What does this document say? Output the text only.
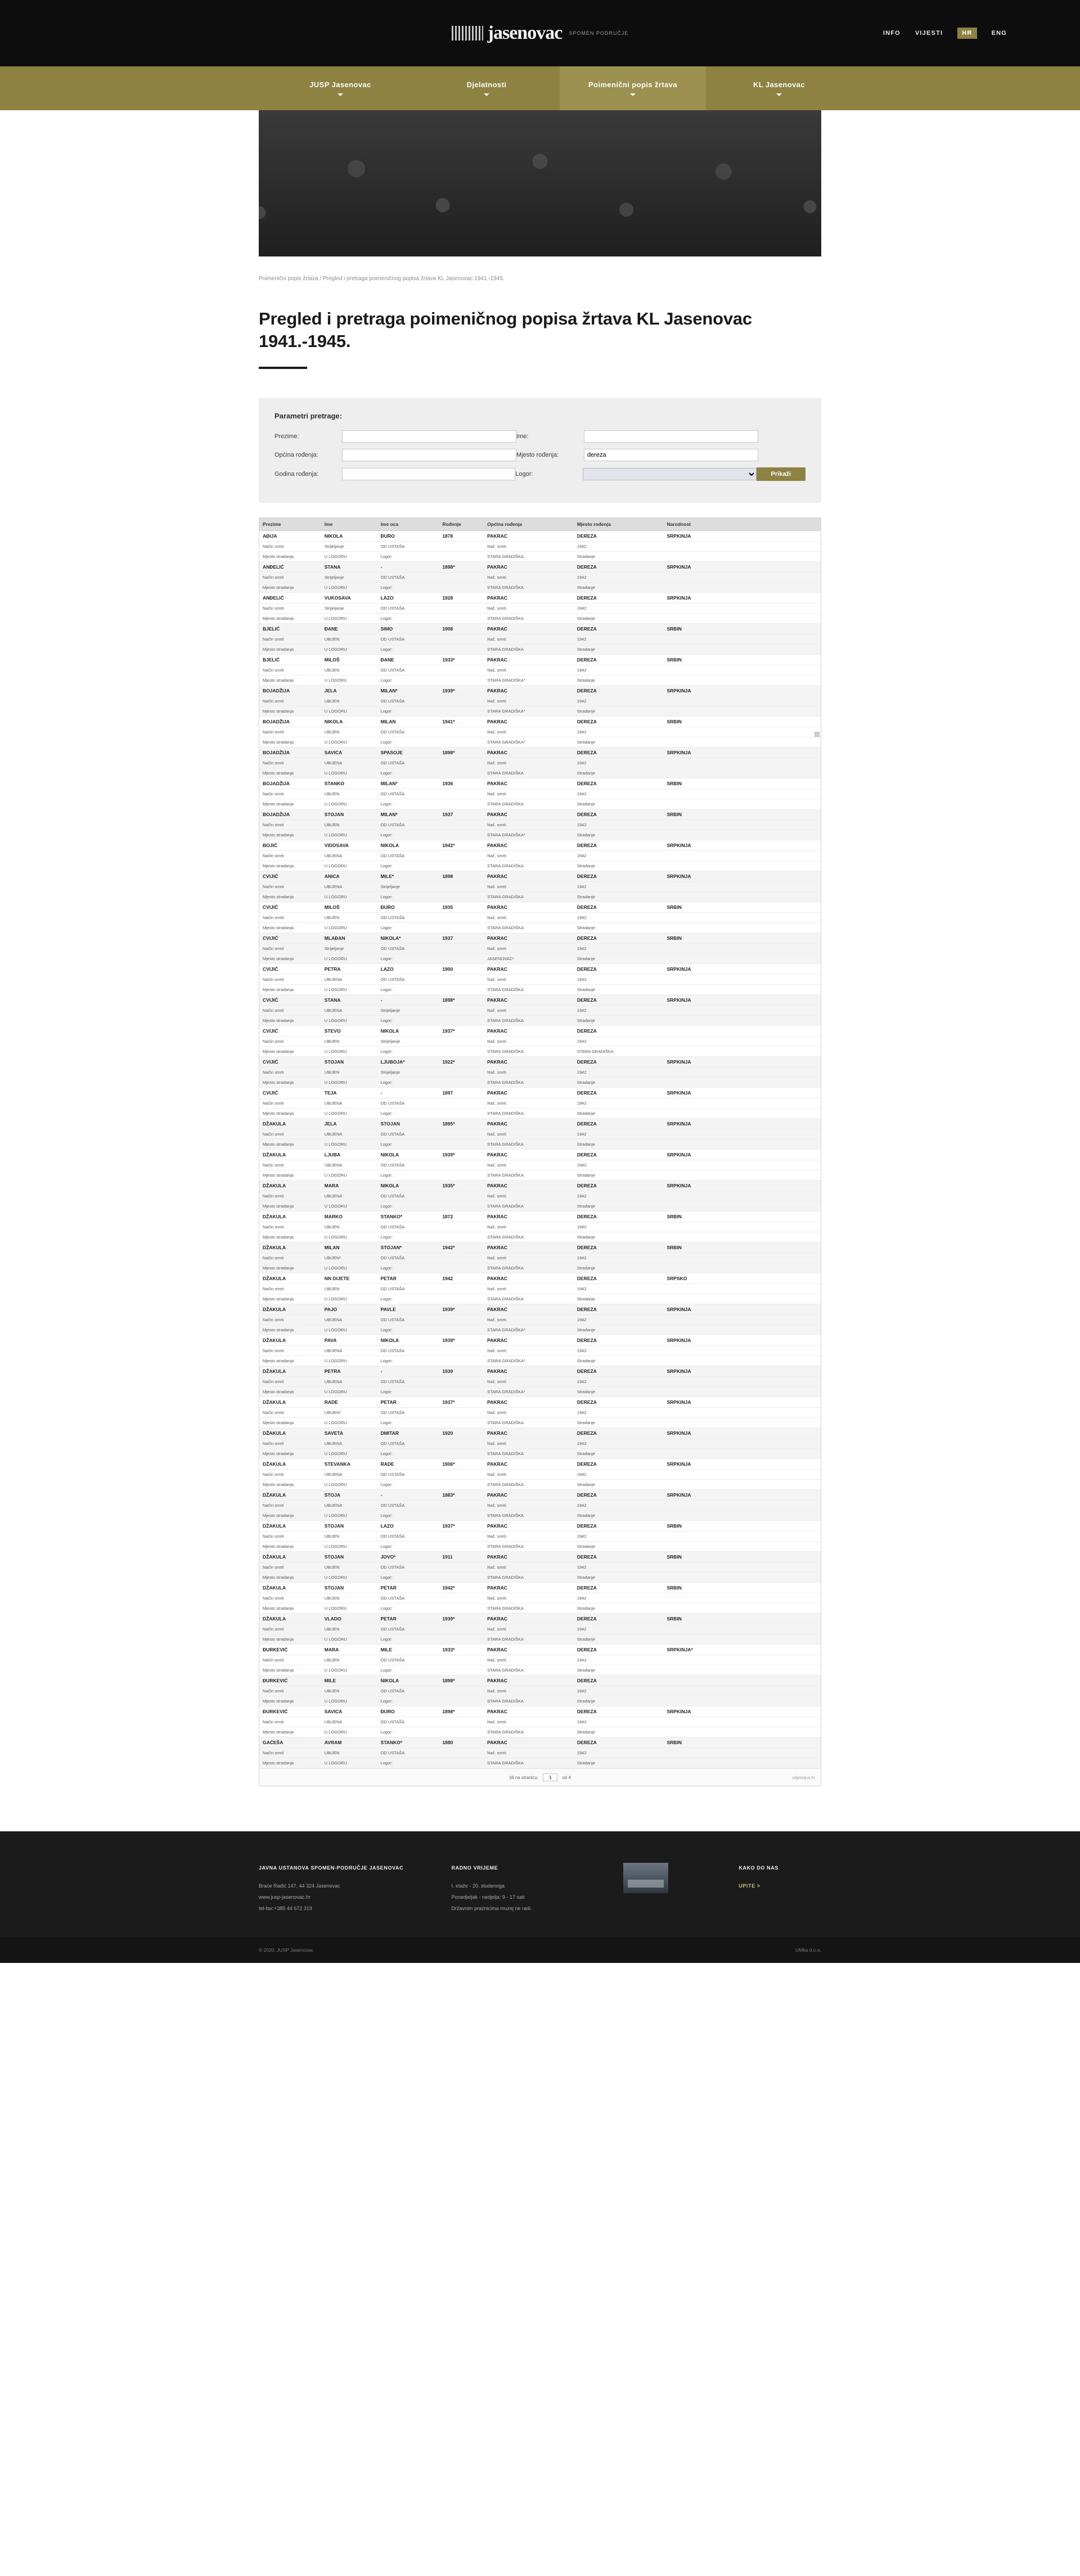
jasenovac SPOMEN PODRUČJE	INFO VIJESTI	HR	ENG
JUSP Jasenovac	Djelatnosti	Poimenični popis žrtava	KL Jasenovac
Poimenični popis žrtava / Pregled i pretraga poimeničnog popisa žrtava KL Jasenovac 1941.-1945.
Pregled i pretraga poimeničnog popisa žrtava KL Jasenovac 1941.-1945.
Parametri pretrage:
Prezime:	Ime:
Općina rođenja:	Mjesto rođenja:
dereza
Godina rođenja:	Logor:	Prikaži
Prezime	Ime	Ime oca	Rođenje	Općina rođenja	Mjesto rođenja	Narodnost	
AĐIJA	NIKOLA	ĐURO	1878	PAKRAC	DEREZA	SRPKINJA	
Način smrti	Strijeljanje	OD USTAŠA		Nač. smrti	1942		
Mjesto stradanja	U LOGORU	Logor:		STARA GRADIŠKA	Stradanje		
ANĐELIĆ	STANA	-	1898*	PAKRAC	DEREZA	SRPKINJA	
Način smrti	Strijeljanje	OD USTAŠA		Nač. smrti	1942		
Mjesto stradanja	U LOGORU	Logor:		STARA GRADIŠKA	Stradanje		
ANĐELIĆ	VUKOSAVA	LAZO	1928	PAKRAC	DEREZA	SRPKINJA	
Način smrti	Strijeljanje	OD USTAŠA		Nač. smrti	1942		
Mjesto stradanja	U LOGORU	Logor:		STARA GRADIŠKA	Stradanje		
BJELIĆ	ĐANE	SIMO	1908	PAKRAC	DEREZA	SRBIN	
Način smrti	UBIJEN	OD USTAŠA		Nač. smrti	1942		
Mjesto stradanja	U LOGORU	Logor:		STARA GRADIŠKA	Stradanje		
BJELIĆ	MILOŠ	ĐANE	1933*	PAKRAC	DEREZA	SRBIN	
Način smrti	UBIJEN	OD USTAŠA		Nač. smrti	1942		
Mjesto stradanja	U LOGORU	Logor:		STARA GRADIŠKA*	Stradanje		
BOJADŽIJA	JELA	MILAN*	1939*	PAKRAC	DEREZA	SRPKINJA	
Način smrti	UBIJEN	OD USTAŠA		Nač. smrti	1942		
Mjesto stradanja	U LOGORU	Logor:		STARA GRADIŠKA*	Stradanje		
BOJADŽIJA	NIKOLA	MILAN	1941*	PAKRAC	DEREZA	SRBIN	
Način smrti	UBIJEN	OD USTAŠA		Nač. smrti	1942		
Mjesto stradanja	U LOGORU	Logor:		STARA GRADIŠKA*	Stradanje		
BOJADŽIJA	SAVICA	SPASOJE	1898*	PAKRAC	DEREZA	SRPKINJA	
Način smrti	UBIJENA	OD USTAŠA		Nač. smrti	1942		
Mjesto stradanja	U LOGORU	Logor:		STARA GRADIŠKA	Stradanje		
BOJADŽIJA	STANKO	MILAN*	1936	PAKRAC	DEREZA	SRBIN	
Način smrti	UBIJEN	OD USTAŠA		Nač. smrti	1942		
Mjesto stradanja	U LOGORU	Logor:		STARA GRADIŠKA	Stradanje		
BOJADŽIJA	STOJAN	MILAN*	1937	PAKRAC	DEREZA	SRBIN	
Način smrti	UBIJEN	OD USTAŠA		Nač. smrti	1942		
Mjesto stradanja	U LOGORU	Logor:		STARA GRADIŠKA*	Stradanje		
BOJIĆ	VIDOSAVA	NIKOLA	1942*	PAKRAC	DEREZA	SRPKINJA	
Način smrti	UBIJENA	OD USTAŠA		Nač. smrti	1942		
Mjesto stradanja	U LOGORU	Logor:		STARA GRADIŠKA	Stradanje		
CVIJIĆ	ANICA	MILE*	1898	PAKRAC	DEREZA	SRPKINJA	
Način smrti	UBIJENA	Strijeljanje		Nač. smrti	1942		
Mjesto stradanja	U LOGORU	Logor:		STARA GRADIŠKA	Stradanje		
CVIJIĆ	MILOŠ	ĐURO	1935	PAKRAC	DEREZA	SRBIN	
Način smrti	UBIJEN	OD USTAŠA		Nač. smrti	1942		
Mjesto stradanja	U LOGORU	Logor:		STARA GRADIŠKA	Stradanje		
CVIJIĆ	MLAĐAN	NIKOLA*	1937	PAKRAC	DEREZA	SRBIN	
Način smrti	Strijeljanje	OD USTAŠA		Nač. smrti	1942		
Mjesto stradanja	U LOGORU	Logor:		JASENOVAC*	Stradanje		
CVIJIĆ	PETRA	LAZO	1900	PAKRAC	DEREZA	SRPKINJA	
Način smrti	UBIJENA	OD USTAŠA		Nač. smrti	1942		
Mjesto stradanja	U LOGORU	Logor:		STARA GRADIŠKA	Stradanje		
CVIJIĆ	STANA	-	1898*	PAKRAC	DEREZA	SRPKINJA	
Način smrti	UBIJENA	Strijeljanje		Nač. smrti	1942		
Mjesto stradanja	U LOGORU	Logor:		STARA GRADIŠKA	Stradanje		
CVIJIĆ	STEVO	NIKOLA	1937*	PAKRAC	DEREZA		
Način smrti	UBIJEN	Strijeljanje		Nač. smrti	1942		
Mjesto stradanja	U LOGORU	Logor:		STARA GRADIŠKA	STARA GRADIŠKA		
CVIJIĆ	STOJAN	LJUBOJA*	1922*	PAKRAC	DEREZA	SRPKINJA	
Način smrti	UBIJEN	Strijeljanje		Nač. smrti	1942		
Mjesto stradanja	U LOGORU	Logor:		STARA GRADIŠKA	Stradanje		
CVIJIĆ	TEJA	-	1897	PAKRAC	DEREZA	SRPKINJA	
Način smrti	UBIJENA	OD USTAŠA		Nač. smrti	1942		
Mjesto stradanja	U LOGORU	Logor:		STARA GRADIŠKA	Stradanje		
DŽAKULA	JELA	STOJAN	1895*	PAKRAC	DEREZA	SRPKINJA	
Način smrti	UBIJENA	OD USTAŠA		Nač. smrti	1942		
Mjesto stradanja	U LOGORU	Logor:		STARA GRADIŠKA	Stradanje		
DŽAKULA	LJUBA	NIKOLA	1939*	PAKRAC	DEREZA	SRPKINJA	
Način smrti	UBIJENA	OD USTAŠA		Nač. smrti	1942		
Mjesto stradanja	U LOGORU	Logor:		STARA GRADIŠKA	Stradanje		
DŽAKULA	MARA	NIKOLA	1935*	PAKRAC	DEREZA	SRPKINJA	
Način smrti	UBIJENA	OD USTAŠA		Nač. smrti	1942		
Mjesto stradanja	U LOGORU	Logor:		STARA GRADIŠKA	Stradanje		
DŽAKULA	MARKO	STANKO*	1872	PAKRAC	DEREZA	SRBIN	
Način smrti	UBIJEN	OD USTAŠA		Nač. smrti	1942		
Mjesto stradanja	U LOGORU	Logor:		STARA GRADIŠKA	Stradanje		
DŽAKULA	MILAN	STOJAN*	1942*	PAKRAC	DEREZA	SRBIN	
Način smrti	UBIJEN*	OD USTAŠA		Nač. smrti	1942		
Mjesto stradanja	U LOGORU	Logor:		STARA GRADIŠKA	Stradanje		
DŽAKULA	NN DIJETE	PETAR	1942	PAKRAC	DEREZA	SRPSKO	
Način smrti	UBIJEN	OD USTAŠA		Nač. smrti	1942		
Mjesto stradanja	U LOGORU	Logor:		STARA GRADIŠKA	Stradanje		
DŽAKULA	PAJO	PAVLE	1939*	PAKRAC	DEREZA	SRPKINJA	
Način smrti	UBIJENA	OD USTAŠA		Nač. smrti	1942		
Mjesto stradanja	U LOGORU	Logor:		STARA GRADIŠKA*	Stradanje		
DŽAKULA	PAVA	NIKOLA	1939*	PAKRAC	DEREZA	SRPKINJA	
Način smrti	UBIJENA	OD USTAŠA		Nač. smrti	1942		
Mjesto stradanja	U LOGORU	Logor:		STARA GRADIŠKA*	Stradanje		
DŽAKULA	PETRA	-	1939	PAKRAC	DEREZA	SRPKINJA	
Način smrti	UBIJENA	OD USTAŠA		Nač. smrti	1942		
Mjesto stradanja	U LOGORU	Logor:		STARA GRADIŠKA*	Stradanje		
DŽAKULA	RADE	PETAR	1937*	PAKRAC	DEREZA	SRPKINJA	
Način smrti	UBIJEN*	OD USTAŠA		Nač. smrti	1942		
Mjesto stradanja	U LOGORU	Logor:		STARA GRADIŠKA	Stradanje		
DŽAKULA	SAVETA	DMITAR	1920	PAKRAC	DEREZA	SRPKINJA	
Način smrti	UBIJENA	OD USTAŠA		Nač. smrti	1942		
Mjesto stradanja	U LOGORU	Logor:		STARA GRADIŠKA	Stradanje		
DŽAKULA	STEVANKA	RADE	1906*	PAKRAC	DEREZA	SRPKINJA	
Način smrti	UBIJENA	OD USTAŠA		Nač. smrti	1942		
Mjesto stradanja	U LOGORU	Logor:		STARA GRADIŠKA	Stradanje		
DŽAKULA	STOJA	-	1883*	PAKRAC	DEREZA	SRPKINJA	
Način smrti	UBIJENA	OD USTAŠA		Nač. smrti	1942		
Mjesto stradanja	U LOGORU	Logor:		STARA GRADIŠKA	Stradanje		
DŽAKULA	STOJAN	LAZO	1937*	PAKRAC	DEREZA	SRBIN	
Način smrti	UBIJEN	OD USTAŠA		Nač. smrti	1942		
Mjesto stradanja	U LOGORU	Logor:		STARA GRADIŠKA	Stradanje		
DŽAKULA	STOJAN	JOVO*	1911	PAKRAC	DEREZA	SRBIN	
Način smrti	UBIJEN	OD USTAŠA		Nač. smrti	1942		
Mjesto stradanja	U LOGORU	Logor:		STARA GRADIŠKA	Stradanje		
DŽAKULA	STOJAN	PETAR	1942*	PAKRAC	DEREZA	SRBIN	
Način smrti	UBIJEN	OD USTAŠA		Nač. smrti	1942		
Mjesto stradanja	U LOGORU	Logor:		STARA GRADIŠKA	Stradanje		
DŽAKULA	VLADO	PETAR	1939*	PAKRAC	DEREZA	SRBIN	
Način smrti	UBIJEN	OD USTAŠA		Nač. smrti	1942		
Mjesto stradanja	U LOGORU	Logor:		STARA GRADIŠKA	Stradanje		
ĐURKEVIĆ	MARA	MILE	1933*	PAKRAC	DEREZA	SRPKINJA*	
Način smrti	UBIJEN	OD USTAŠA		Nač. smrti	1942		
Mjesto stradanja	U LOGORU	Logor:		STARA GRADIŠKA	Stradanje		
ĐURKEVIĆ	MILE	NIKOLA	1898*	PAKRAC	DEREZA		
Način smrti	UBIJEN	OD USTAŠA		Nač. smrti	1942		
Mjesto stradanja	U LOGORU	Logor:		STARA GRADIŠKA	Stradanje		
ĐURKEVIĆ	SAVICA	ĐURO	1898*	PAKRAC	DEREZA	SRPKINJA	
Način smrti	UBIJENA	OD USTAŠA		Nač. smrti	1942		
Mjesto stradanja	U LOGORU	Logor:		STARA GRADIŠKA	Stradanje		
GAĆEŠA	AVRAM	STANKO*	1880	PAKRAC	DEREZA	SRBIN	
Način smrti	UBIJEN	OD USTAŠA		Nač. smrti	1942		
Mjesto stradanja	U LOGORU	Logor:		STARA GRADIŠKA	Stradanje		
Idi na stranicu:
1	od 4	sdjeteljna.hr
JAVNA USTANOVA SPOMEN-PODRUČJE JASENOVAC

Braće Radić 147, 44 324 Jasenovac

www.jusp-jasenovac.hr

tel-fax:+385 44 672 319

RADNO VRIJEME

I. etaže - 20. studenoga

Ponedjeljak - nedjelja: 9 - 17 sati

Državnim praznicima muzej ne radi.

KAKO DO NAS
UPITE >
© 2020. JUSP Jasenovac	UMka d.o.o.
